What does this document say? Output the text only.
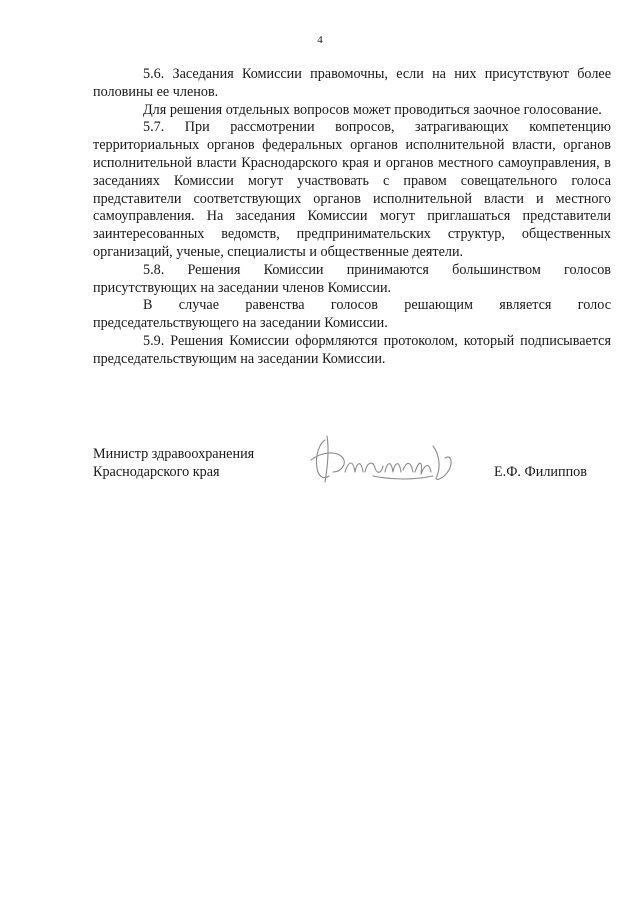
4

5.6. Заседания Комиссии правомочны, если на них присутствуют более половины ее членов.

Для решения отдельных вопросов может проводиться заочное голосование.

5.7. При рассмотрении вопросов, затрагивающих компетенцию территориальных органов федеральных органов исполнительной власти, органов исполнительной власти Краснодарского края и органов местного самоуправления, в заседаниях Комиссии могут участвовать с правом совещательного голоса представители соответствующих органов исполнительной власти и местного самоуправления. На заседания Комиссии могут приглашаться представители заинтересованных ведомств, предпринимательских структур, общественных организаций, ученые, специалисты и общественные деятели.

5.8. Решения Комиссии принимаются большинством голосов присутствующих на заседании членов Комиссии.

В случае равенства голосов решающим является голос председательствующего на заседании Комиссии.

5.9. Решения Комиссии оформляются протоколом, который подписывается председательствующим на заседании Комиссии.

Министр здравоохранения
Краснодарского края	Е.Ф. Филиппов
